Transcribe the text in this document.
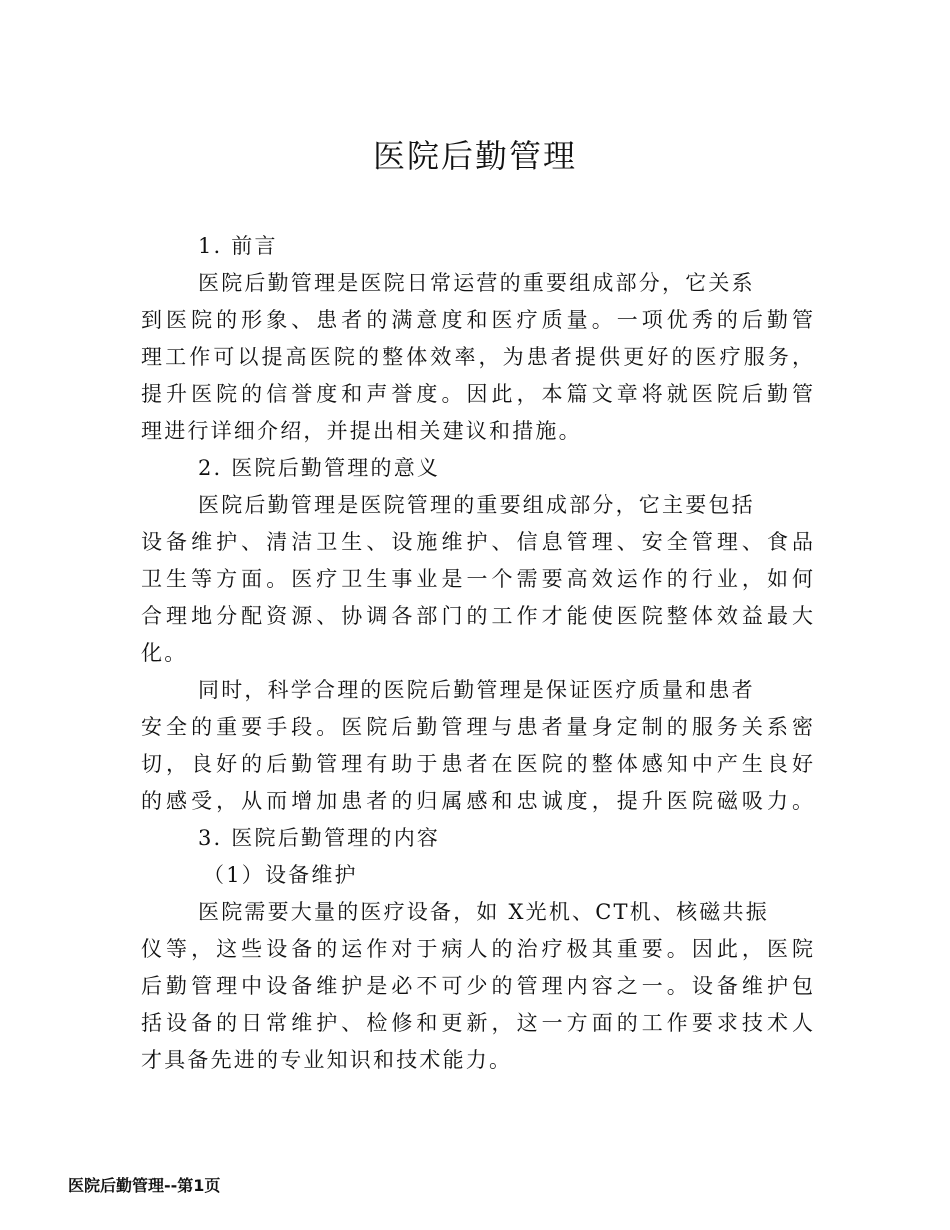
医院后勤管理
1. 前言
医院后勤管理是医院日常运营的重要组成部分，它关系
到医院的形象、患者的满意度和医疗质量。一项优秀的后勤管
理工作可以提高医院的整体效率，为患者提供更好的医疗服务，
提升医院的信誉度和声誉度。因此，本篇文章将就医院后勤管
理进行详细介绍，并提出相关建议和措施。
2. 医院后勤管理的意义
医院后勤管理是医院管理的重要组成部分，它主要包括
设备维护、清洁卫生、设施维护、信息管理、安全管理、食品
卫生等方面。医疗卫生事业是一个需要高效运作的行业，如何
合理地分配资源、协调各部门的工作才能使医院整体效益最大
化。
同时，科学合理的医院后勤管理是保证医疗质量和患者
安全的重要手段。医院后勤管理与患者量身定制的服务关系密
切，良好的后勤管理有助于患者在医院的整体感知中产生良好
的感受，从而增加患者的归属感和忠诚度，提升医院磁吸力。
3. 医院后勤管理的内容
（1）设备维护
医院需要大量的医疗设备，如 X光机、CT机、核磁共振
仪等，这些设备的运作对于病人的治疗极其重要。因此，医院
后勤管理中设备维护是必不可少的管理内容之一。设备维护包
括设备的日常维护、检修和更新，这一方面的工作要求技术人
才具备先进的专业知识和技术能力。
医院后勤管理--第1页
